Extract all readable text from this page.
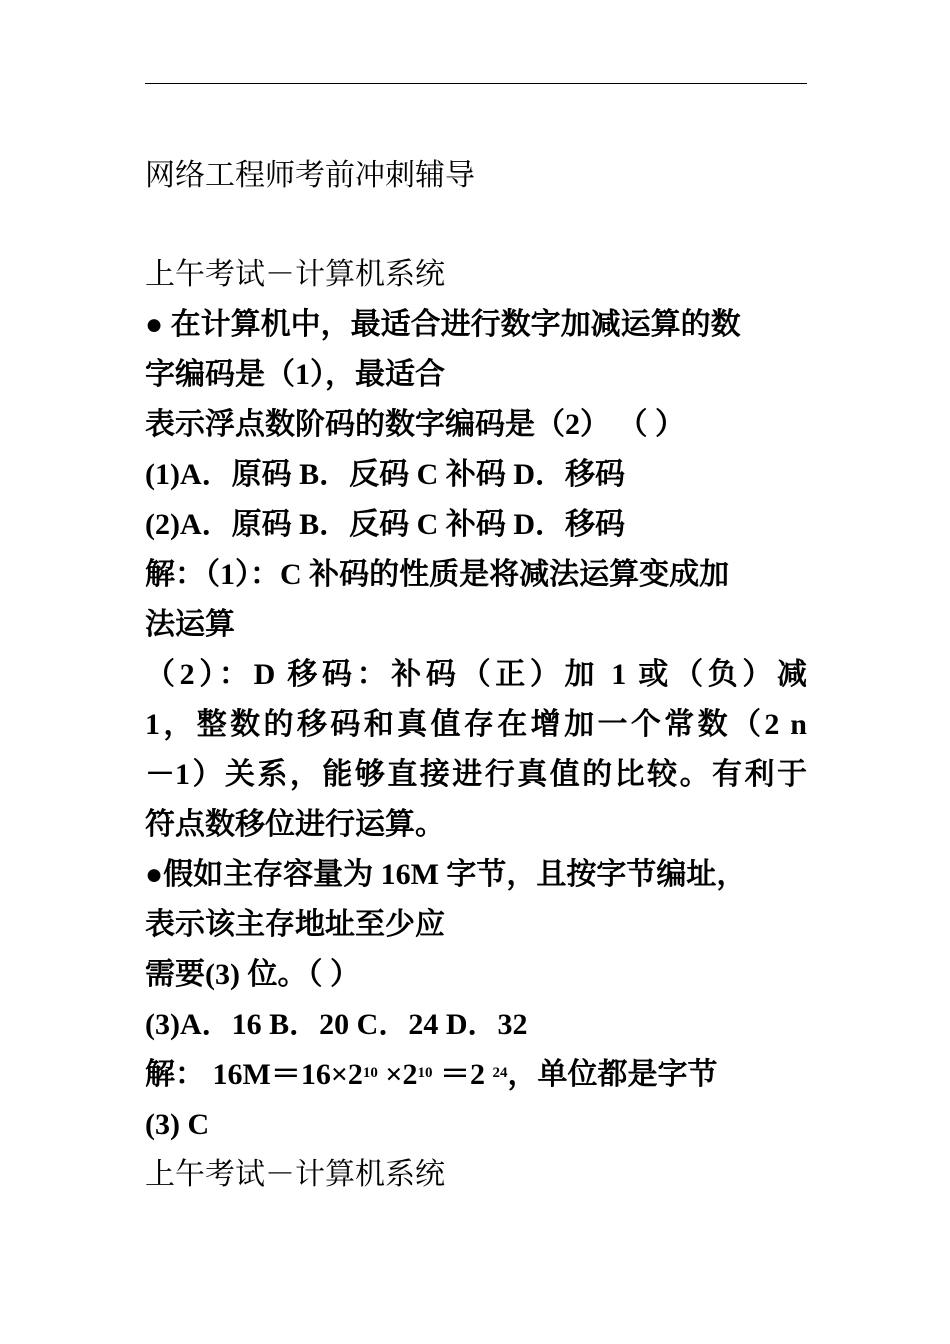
网络工程师考前冲刺辅导
上午考试－计算机系统
● 在计算机中，最适合进行数字加减运算的数
字编码是（1），最适合
表示浮点数阶码的数字编码是（2） （ ）
(1)A．原码 B．反码 C 补码 D．移码
(2)A．原码 B．反码 C 补码 D．移码
解：（1）：C 补码的性质是将减法运算变成加
法运算
（2）：D 移码：补码（正）加 1 或（负）减
1，整数的移码和真值存在增加一个常数（2 n
－1）关系，能够直接进行真值的比较。有利于
符点数移位进行运算。
●假如主存容量为 16M 字节，且按字节编址，
表示该主存地址至少应
需要(3) 位。（ ）
(3)A．16 B．20 C．24 D．32
解： $16M=16\times 2^{10} \times 2^{10} =2$ $^{24}$，单位都是字节
(3) C
上午考试－计算机系统
